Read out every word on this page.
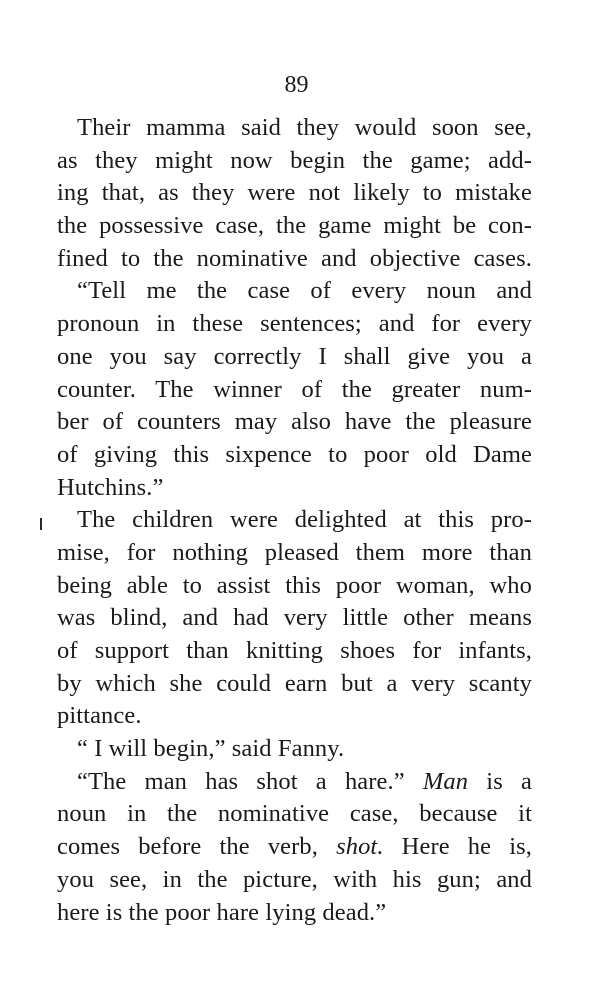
89

Their mamma said they would soon see,
as they might now begin the game; add-
ing that, as they were not likely to mistake
the possessive case, the game might be con-
fined to the nominative and objective cases.
“Tell me the case of every noun and
pronoun in these sentences; and for every
one you say correctly I shall give you a
counter. The winner of the greater num-
ber of counters may also have the pleasure
of giving this sixpence to poor old Dame
Hutchins.”
The children were delighted at this pro-
mise, for nothing pleased them more than
being able to assist this poor woman, who
was blind, and had very little other means
of support than knitting shoes for infants,
by which she could earn but a very scanty
pittance.
“ I will begin,” said Fanny.
“The man has shot a hare.” Man is a
noun in the nominative case, because it
comes before the verb, shot. Here he is,
you see, in the picture, with his gun; and
here is the poor hare lying dead.”
